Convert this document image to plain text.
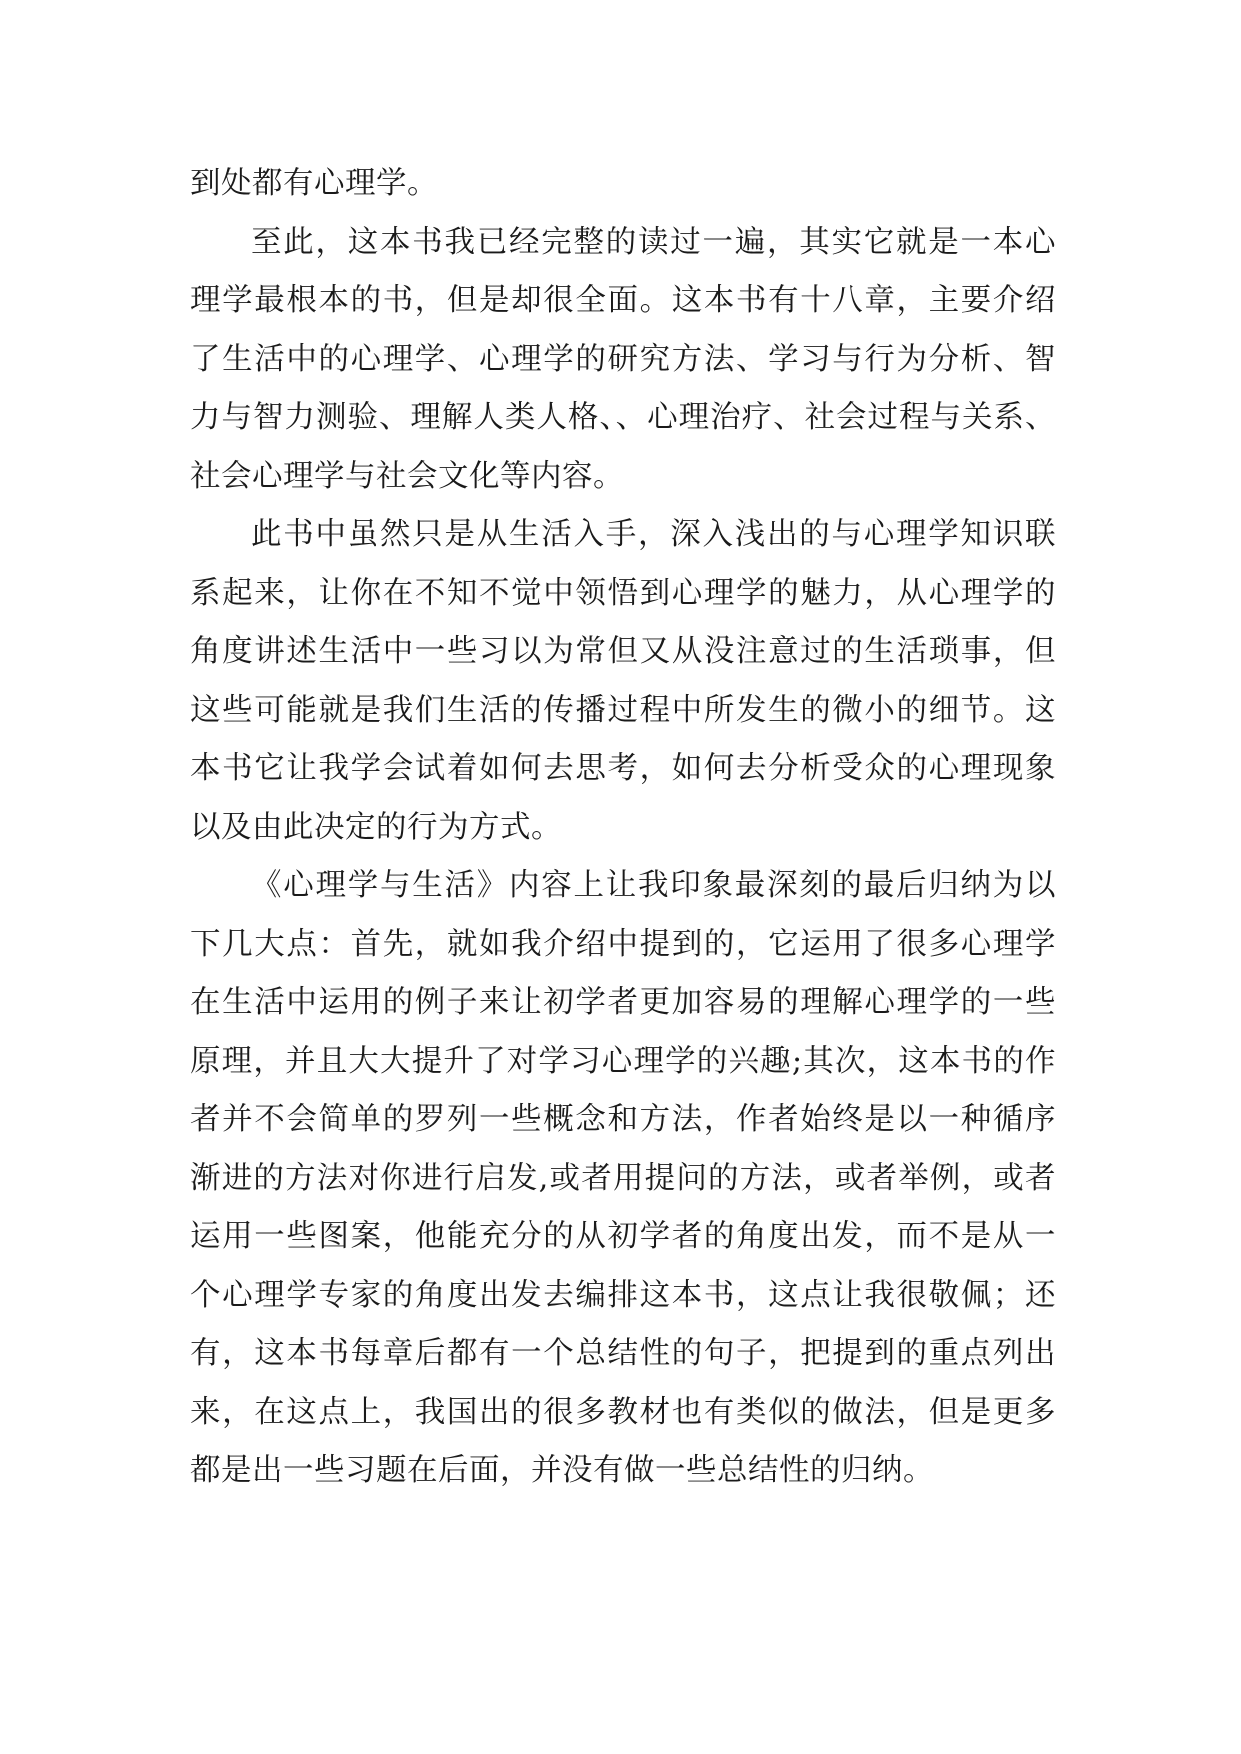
到处都有心理学。

至此，这本书我已经完整的读过一遍，其实它就是一本心理学最根本的书，但是却很全面。这本书有十八章，主要介绍了生活中的心理学、心理学的研究方法、学习与行为分析、智力与智力测验、理解人类人格、、心理治疗、社会过程与关系、社会心理学与社会文化等内容。

此书中虽然只是从生活入手，深入浅出的与心理学知识联系起来，让你在不知不觉中领悟到心理学的魅力，从心理学的角度讲述生活中一些习以为常但又从没注意过的生活琐事，但这些可能就是我们生活的传播过程中所发生的微小的细节。这本书它让我学会试着如何去思考，如何去分析受众的心理现象以及由此决定的行为方式。

《心理学与生活》内容上让我印象最深刻的最后归纳为以下几大点：首先，就如我介绍中提到的，它运用了很多心理学在生活中运用的例子来让初学者更加容易的理解心理学的一些原理，并且大大提升了对学习心理学的兴趣;其次，这本书的作者并不会简单的罗列一些概念和方法，作者始终是以一种循序渐进的方法对你进行启发,或者用提问的方法，或者举例，或者运用一些图案，他能充分的从初学者的角度出发，而不是从一个心理学专家的角度出发去编排这本书，这点让我很敬佩；还有，这本书每章后都有一个总结性的句子，把提到的重点列出来，在这点上，我国出的很多教材也有类似的做法，但是更多都是出一些习题在后面，并没有做一些总结性的归纳。
